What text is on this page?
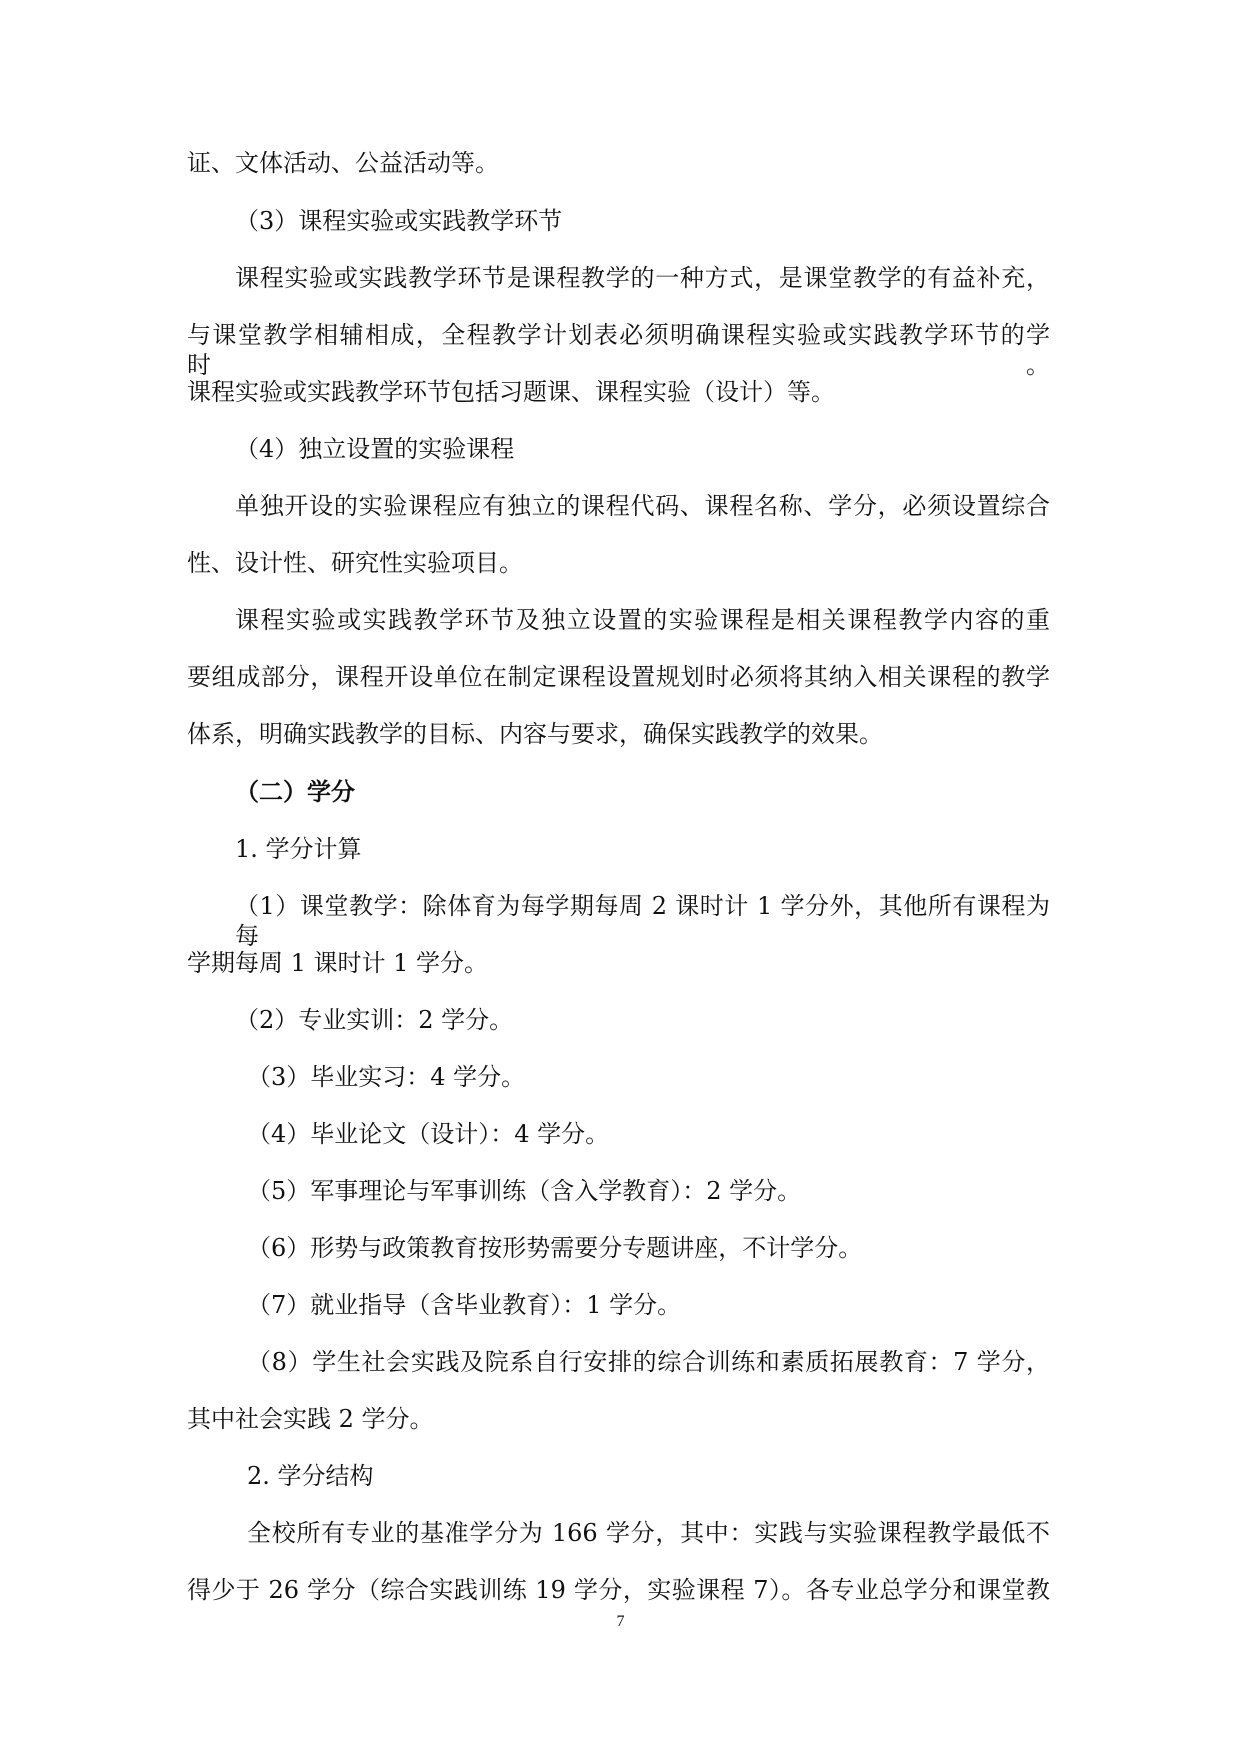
证、文体活动、公益活动等。
（3）课程实验或实践教学环节
课程实验或实践教学环节是课程教学的一种方式，是课堂教学的有益补充，
与课堂教学相辅相成，全程教学计划表必须明确课程实验或实践教学环节的学时。
课程实验或实践教学环节包括习题课、课程实验（设计）等。
（4）独立设置的实验课程
单独开设的实验课程应有独立的课程代码、课程名称、学分，必须设置综合
性、设计性、研究性实验项目。
课程实验或实践教学环节及独立设置的实验课程是相关课程教学内容的重
要组成部分，课程开设单位在制定课程设置规划时必须将其纳入相关课程的教学
体系，明确实践教学的目标、内容与要求，确保实践教学的效果。
（二）学分
1. 学分计算
（1）课堂教学：除体育为每学期每周 2 课时计 1 学分外，其他所有课程为每
学期每周 1 课时计 1 学分。
（2）专业实训：2 学分。
（3）毕业实习：4 学分。
（4）毕业论文（设计）：4 学分。
（5）军事理论与军事训练（含入学教育）：2 学分。
（6）形势与政策教育按形势需要分专题讲座，不计学分。
（7）就业指导（含毕业教育）：1 学分。
（8）学生社会实践及院系自行安排的综合训练和素质拓展教育：7 学分，
其中社会实践 2 学分。
2. 学分结构
全校所有专业的基准学分为 166 学分，其中：实践与实验课程教学最低不
得少于 26 学分（综合实践训练 19 学分，实验课程 7）。各专业总学分和课堂教
7
